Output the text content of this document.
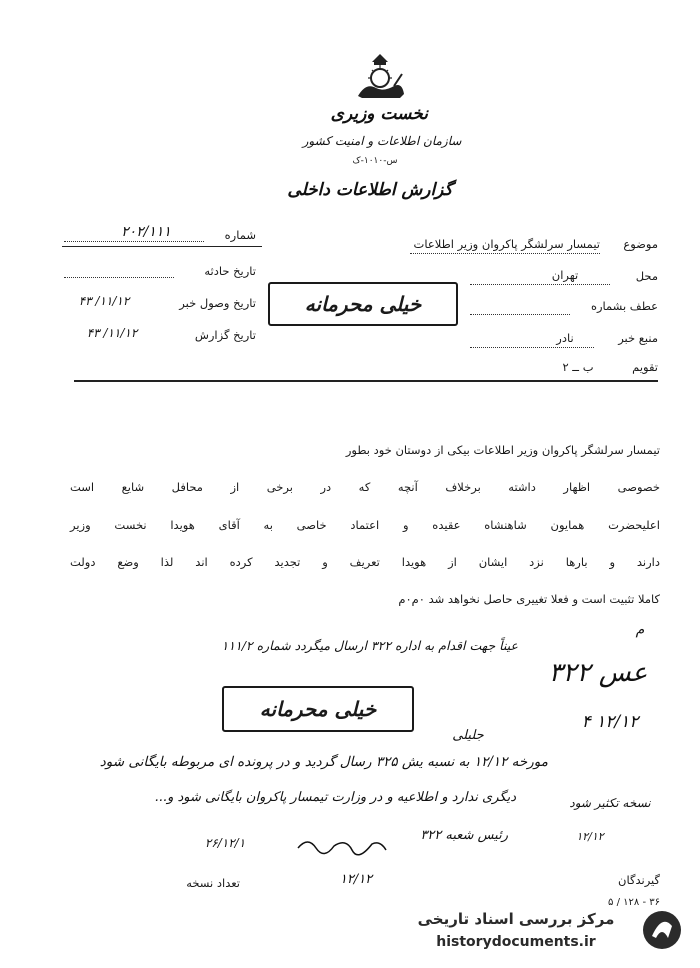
نخست وزیری
سازمان اطلاعات و امنیت کشور
س-۱۰۱۰-ک
گزارش اطلاعات داخلی
شماره
۲۰۲/۱۱۱
تاریخ حادثه
تاریخ وصول خبر
۱۱/۱۲/ ۴۳
تاریخ گزارش
۱۱/۱۲/ ۴۳
خیلی محرمانه
موضوع
تیمسار سرلشگر پاکروان وزیر اطلاعات
محل
تهران
عطف بشماره
منبع خبر
نادر
تقویم
ب ــ ۲
تیمسار سرلشگر پاکروان وزیر اطلاعات بیکی از دوستان خود بطور
خصوصی اظهار داشته برخلاف آنچه که در برخی از محافل شایع است
اعلیحضرت همایون شاهنشاه عقیده و اعتماد خاصی به آقای هویدا نخست وزیر
دارند و بارها نزد ایشان از هویدا تعریف و تجدید کرده اند لذا وضع دولت
کاملا تثبیت است و فعلا تغییری حاصل نخواهد شد ۰م۰م
عیناً جهت اقدام به اداره ۳۲۲ ارسال میگردد شماره ۱۱۱/۲
م
عس ۳۲۲
۱۲/۱۲ ۴
خیلی محرمانه
جلیلی
مورخه ۱۲/۱۲ به نسبه یش ۳۲۵ رسال گردید و در پرونده ای مربوطه بایگانی شود
دیگری ندارد و اطلاعیه و در وزارت تیمسار پاکروان بایگانی شود و...
رئیس شعبه ۳۲۲
نسخه تکثیر شود
۱۲/۱۲
۲۶/۱۲/۱
گیرندگان
تعداد نسخه	۱۲/۱۲
۳۶ - ۱۲۸ / ۵
مرکز بررسی اسناد تاریخی
historydocuments.ir
